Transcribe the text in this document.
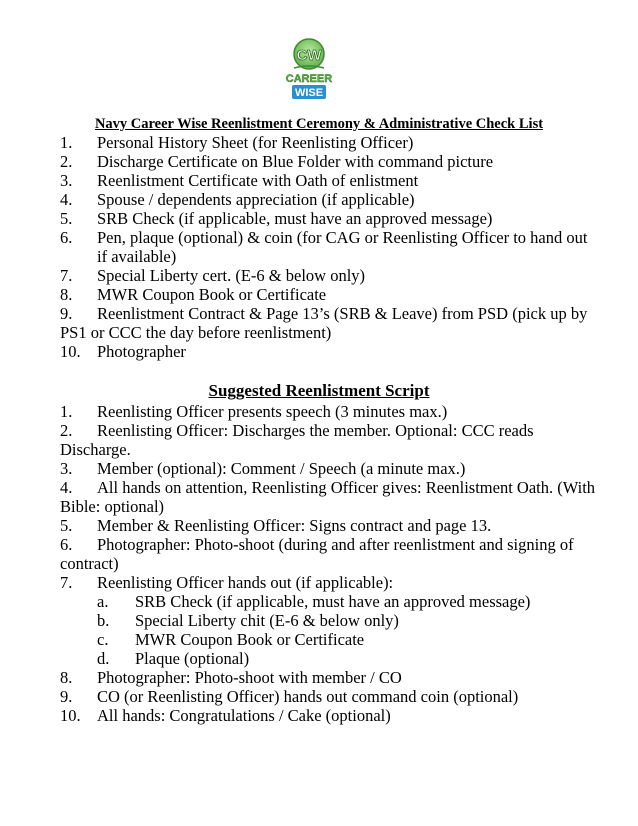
CW
CAREER
WISE
Navy Career Wise Reenlistment Ceremony & Administrative Check List
1. Personal History Sheet (for Reenlisting Officer)
2. Discharge Certificate on Blue Folder with command picture
3. Reenlistment Certificate with Oath of enlistment
4. Spouse / dependents appreciation (if applicable)
5. SRB Check (if applicable, must have an approved message)
6. Pen, plaque (optional) & coin (for CAG or Reenlisting Officer to hand out if available)
7. Special Liberty cert. (E-6 & below only)
8. MWR Coupon Book or Certificate
9. Reenlistment Contract & Page 13’s (SRB & Leave) from PSD (pick up by PS1 or CCC the day before reenlistment)
10. Photographer
Suggested Reenlistment Script
1. Reenlisting Officer presents speech (3 minutes max.)
2. Reenlisting Officer: Discharges the member. Optional: CCC reads Discharge.
3. Member (optional): Comment / Speech (a minute max.)
4. All hands on attention, Reenlisting Officer gives: Reenlistment Oath. (With Bible: optional)
5. Member & Reenlisting Officer: Signs contract and page 13.
6. Photographer: Photo-shoot (during and after reenlistment and signing of contract)
7. Reenlisting Officer hands out (if applicable):
a. SRB Check (if applicable, must have an approved message)
b. Special Liberty chit (E-6 & below only)
c. MWR Coupon Book or Certificate
d. Plaque (optional)
8. Photographer: Photo-shoot with member / CO
9. CO (or Reenlisting Officer) hands out command coin (optional)
10. All hands: Congratulations / Cake (optional)
